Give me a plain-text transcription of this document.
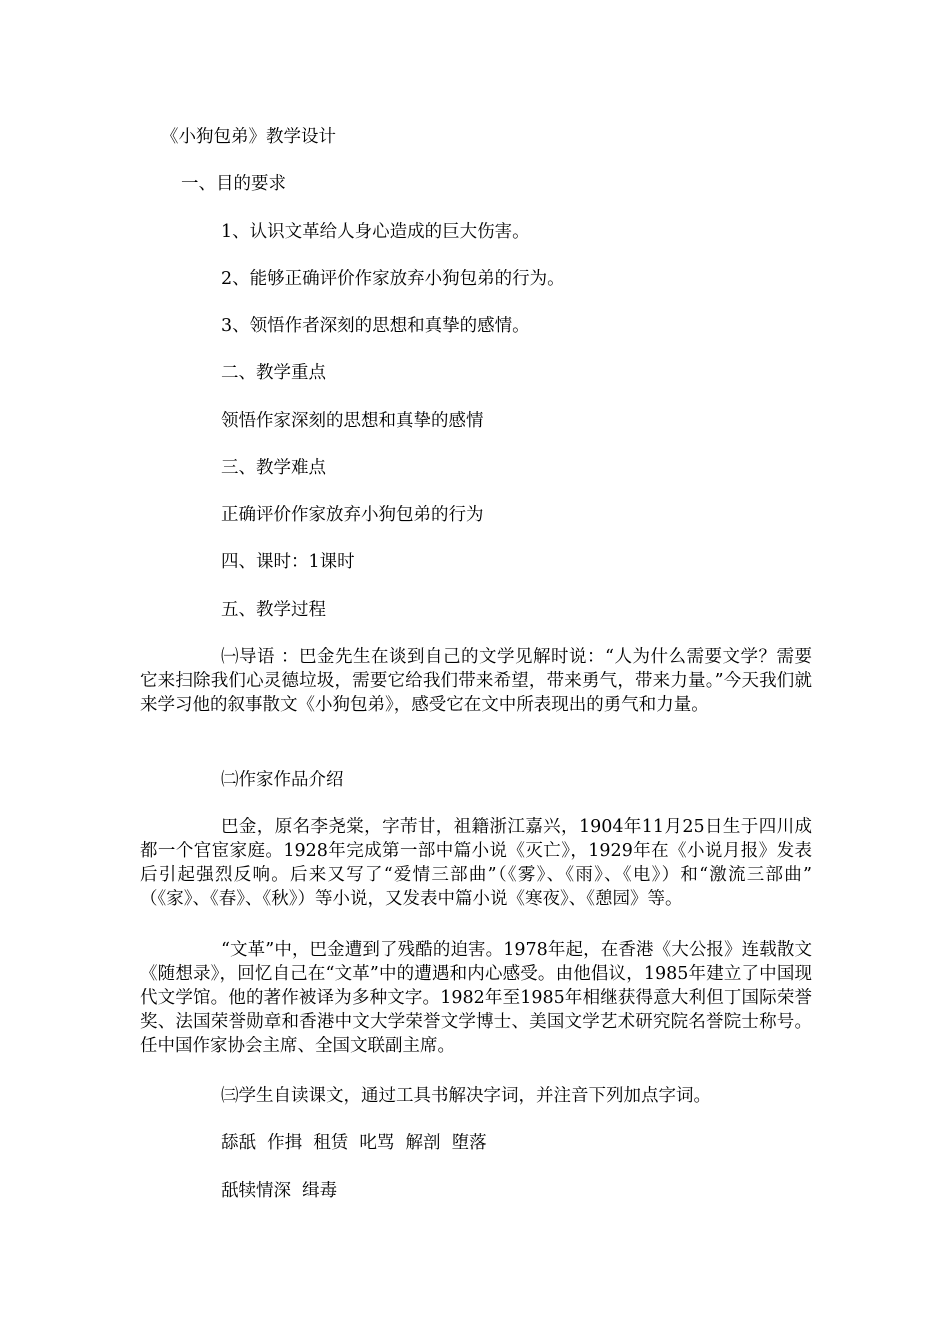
《小狗包弟》教学设计
一、目的要求
1、认识文革给人身心造成的巨大伤害。
2、能够正确评价作家放弃小狗包弟的行为。
3、领悟作者深刻的思想和真挚的感情。
二、教学重点
领悟作家深刻的思想和真挚的感情
三、教学难点
正确评价作家放弃小狗包弟的行为
四、课时：1课时
五、教学过程
㈠导语 ：巴金先生在谈到自己的文学见解时说：“人为什么需要文学？需要它来扫除我们心灵德垃圾，需要它给我们带来希望，带来勇气，带来力量。”今天我们就来学习他的叙事散文《小狗包弟》，感受它在文中所表现出的勇气和力量。
㈡作家作品介绍
巴金，原名李尧棠，字芾甘，祖籍浙江嘉兴，1904年11月25日生于四川成都一个官宦家庭。1928年完成第一部中篇小说《灭亡》，1929年在《小说月报》发表后引起强烈反响。后来又写了“爱情三部曲”（《雾》、《雨》、《电》）和“激流三部曲” （《家》、《春》、《秋》）等小说，又发表中篇小说《寒夜》、《憩园》等。
“文革”中，巴金遭到了残酷的迫害。1978年起，在香港《大公报》连载散文《随想录》，回忆自己在“文革”中的遭遇和内心感受。由他倡议，1985年建立了中国现代文学馆。他的著作被译为多种文字。1982年至1985年相继获得意大利但丁国际荣誉奖、法国荣誉勋章和香港中文大学荣誉文学博士、美国文学艺术研究院名誉院士称号。任中国作家协会主席、全国文联副主席。
㈢学生自读课文，通过工具书解决字词，并注音下列加点字词。
舔舐  作揖  租赁  叱骂  解剖  堕落
舐犊情深  缉毒
